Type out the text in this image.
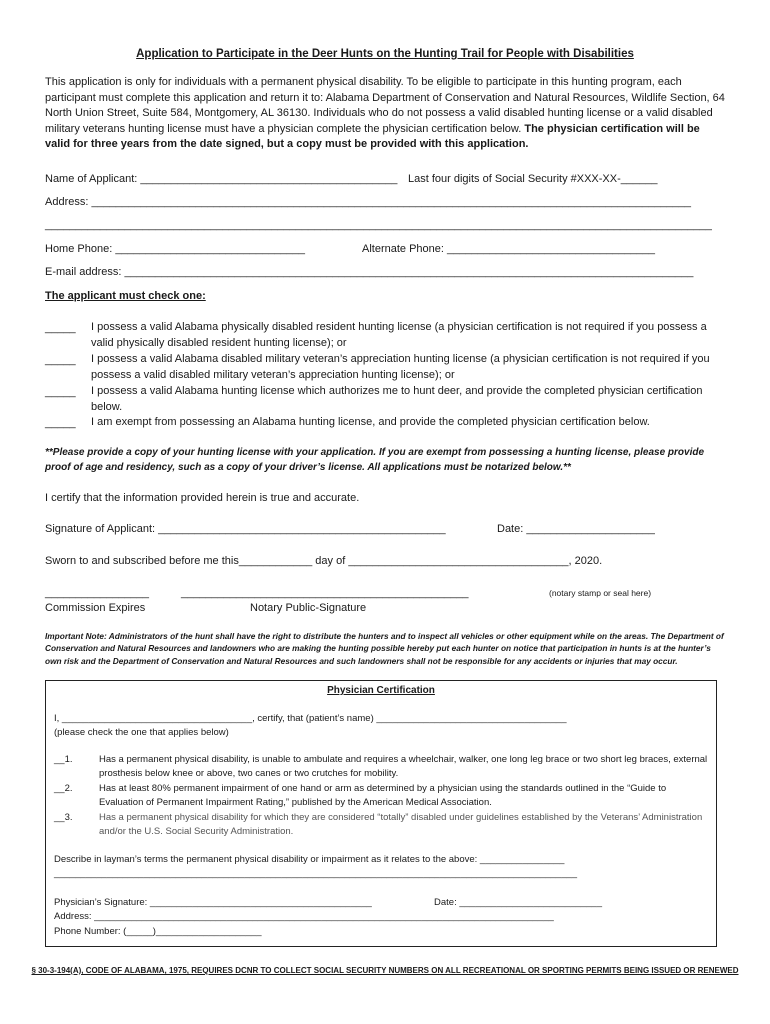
Application to Participate in the Deer Hunts on the Hunting Trail for People with Disabilities
This application is only for individuals with a permanent physical disability. To be eligible to participate in this hunting program, each participant must complete this application and return it to: Alabama Department of Conservation and Natural Resources, Wildlife Section, 64 North Union Street, Suite 584, Montgomery, AL 36130. Individuals who do not possess a valid disabled hunting license or a valid disabled military veterans hunting license must have a physician complete the physician certification below. The physician certification will be valid for three years from the date signed, but a copy must be provided with this application.
Name of Applicant: __________________________________________ Last four digits of Social Security #XXX-XX-______
Address: __________________________________________________________________________________________________
_____________________________________________________________________________________________________________
Home Phone: _______________________________	Alternate Phone: __________________________________
E-mail address: _____________________________________________________________________________________________
The applicant must check one:
_____ I possess a valid Alabama physically disabled resident hunting license (a physician certification is not required if you possess a valid physically disabled resident hunting license); or
_____ I possess a valid Alabama disabled military veteran’s appreciation hunting license (a physician certification is not required if you possess a valid disabled military veteran’s appreciation hunting license); or
_____ I possess a valid Alabama hunting license which authorizes me to hunt deer, and provide the completed physician certification below.
_____ I am exempt from possessing an Alabama hunting license, and provide the completed physician certification below.
**Please provide a copy of your hunting license with your application. If you are exempt from possessing a hunting license, please provide proof of age and residency, such as a copy of your driver’s license. All applications must be notarized below.**
I certify that the information provided herein is true and accurate.
Signature of Applicant: _______________________________________________	Date: _____________________
Sworn to and subscribed before me this____________ day of ____________________________________, 2020.
_________________	_______________________________________________	(notary stamp or seal here)
Commission Expires	Notary Public-Signature
Important Note: Administrators of the hunt shall have the right to distribute the hunters and to inspect all vehicles or other equipment while on the areas. The Department of Conservation and Natural Resources and landowners who are making the hunting possible hereby put each hunter on notice that participation in hunts is at the hunter’s own risk and the Department of Conservation and Natural Resources and such landowners shall not be responsible for any accidents or injuries that may occur.
Physician Certification
I, ____________________________________, certify, that (patient’s name) ____________________________________
(please check the one that applies below)
__1.	Has a permanent physical disability, is unable to ambulate and requires a wheelchair, walker, one long leg brace or two short leg braces, external prosthesis below knee or above, two canes or two crutches for mobility.
__2.	Has at least 80% permanent impairment of one hand or arm as determined by a physician using the standards outlined in the “Guide to Evaluation of Permanent Impairment Rating,” published by the American Medical Association.
__3.	Has a permanent physical disability for which they are considered “totally” disabled under guidelines established by the Veterans’ Administration and/or the U.S. Social Security Administration.
Describe in layman’s terms the permanent physical disability or impairment as it relates to the above: ________________
___________________________________________________________________________________________________
Physician’s Signature: __________________________________________	Date: ___________________________
Address: _______________________________________________________________________________________
Phone Number: (_____)____________________
§ 30-3-194(A), CODE OF ALABAMA, 1975, REQUIRES DCNR TO COLLECT SOCIAL SECURITY NUMBERS ON ALL RECREATIONAL OR SPORTING PERMITS BEING ISSUED OR RENEWED
